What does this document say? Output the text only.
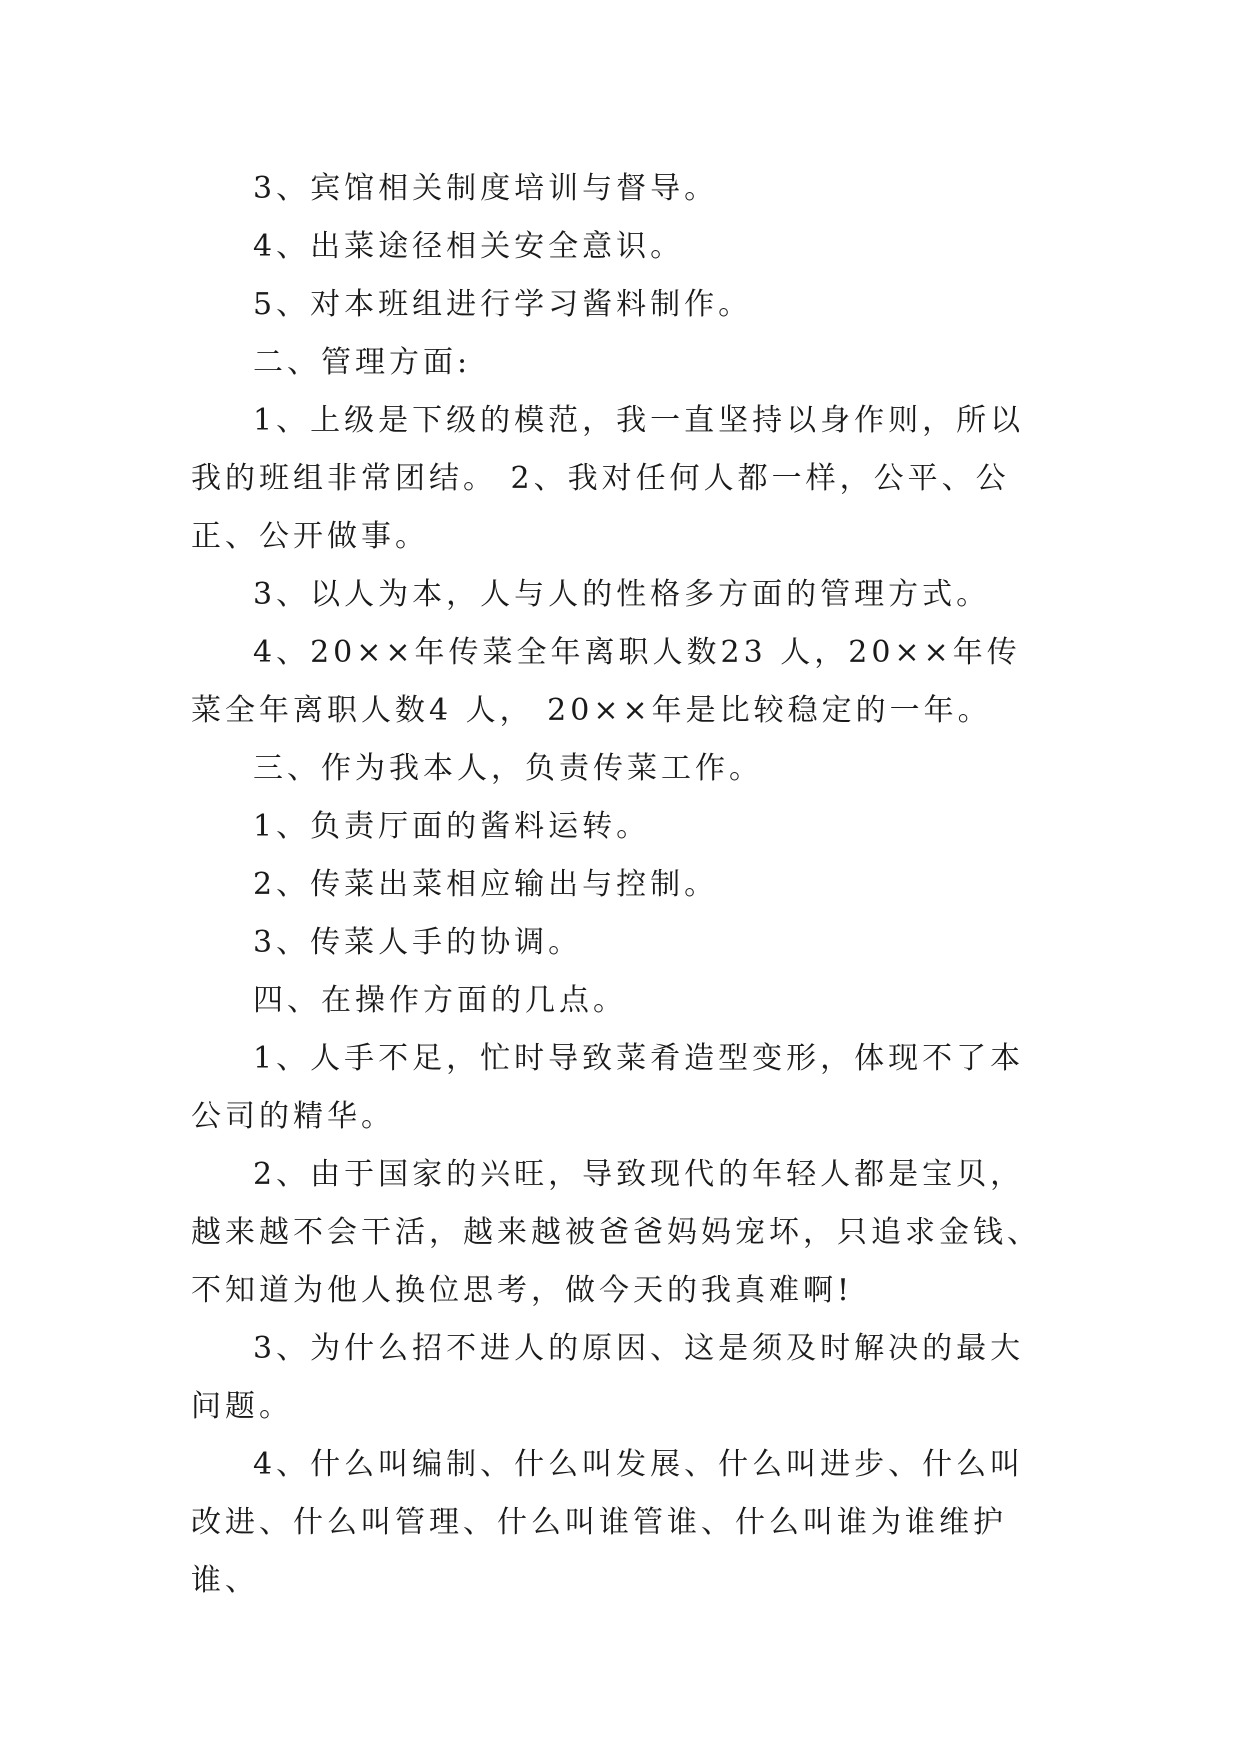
3、宾馆相关制度培训与督导。

4、出菜途径相关安全意识。

5、对本班组进行学习酱料制作。

二、管理方面:

1、上级是下级的模范，我一直坚持以身作则，所以我的班组非常团结。 2、我对任何人都一样，公平、公正、公开做事。

3、以人为本，人与人的性格多方面的管理方式。

4、20××年传菜全年离职人数23 人，20××年传菜全年离职人数4 人， 20××年是比较稳定的一年。

三、作为我本人，负责传菜工作。

1、负责厅面的酱料运转。

2、传菜出菜相应输出与控制。

3、传菜人手的协调。

四、在操作方面的几点。

1、人手不足，忙时导致菜肴造型变形，体现不了本公司的精华。

2、由于国家的兴旺，导致现代的年轻人都是宝贝，越来越不会干活，越来越被爸爸妈妈宠坏，只追求金钱、 不知道为他人换位思考，做今天的我真难啊!

3、为什么招不进人的原因、这是须及时解决的最大问题。

4、什么叫编制、什么叫发展、什么叫进步、什么叫改进、什么叫管理、什么叫谁管谁、什么叫谁为谁维护 谁、
